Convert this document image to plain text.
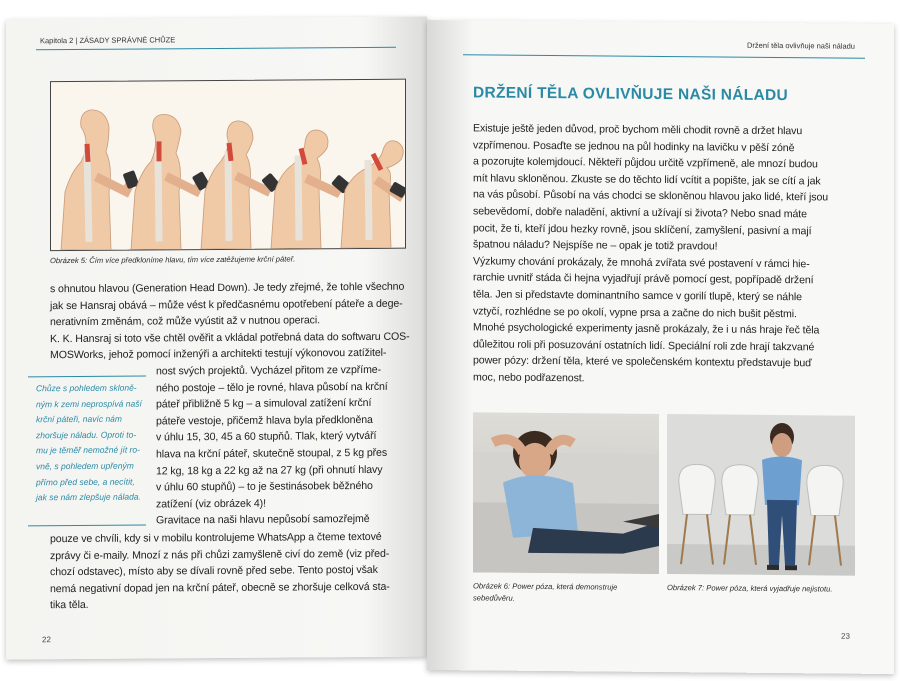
Kapitola 2 | ZÁSADY SPRÁVNÉ CHŮZE
Obrázek 5: Čím více předkloníme hlavu, tím více zatěžujeme krční páteř.
s ohnutou hlavou (Generation Head Down). Je tedy zřejmé, že tohle všechno
jak se Hansraj obává – může vést k předčasnému opotřebení páteře a dege-
nerativním změnám, což může vyústit až v nutnou operaci.
K. K. Hansraj si toto vše chtěl ověřit a vkládal potřebná data do softwaru COS-
MOSWorks, jehož pomocí inženýři a architekti testují výkonovou zatížitel-
Chůze s pohledem skloně-
ným k zemi neprospívá naší
krční páteři, navíc nám
zhoršuje náladu. Oproti to-
mu je těmĕř nemožné jít ro-
vně, s pohledem upřeným
přímo před sebe, a necítit,
jak se nám zlepšuje nálada.
nost svých projektů. Vycházel přitom ze vzpříme-
ného postoje – tělo je rovné, hlava působí na krční
páteř přibližně 5 kg – a simuloval zatížení krční
páteře vestoje, přičemž hlava byla předkloněna
v úhlu 15, 30, 45 a 60 stupňů. Tlak, který vytváří
hlava na krční páteř, skutečně stoupal, z 5 kg přes
12 kg, 18 kg a 22 kg až na 27 kg (při ohnutí hlavy
v úhlu 60 stupňů) – to je šestinásobek běžného
zatížení (viz obrázek 4)!
Gravitace na naši hlavu nepůsobí samozřejmě
pouze ve chvíli, kdy si v mobilu kontrolujeme WhatsApp a čteme textové
zprávy či e-maily. Mnozí z nás při chůzi zamyšleně civí do země (viz před-
chozí odstavec), místo aby se dívali rovně před sebe. Tento postoj však
nemá negativní dopad jen na krční páteř, obecně se zhoršuje celková sta-
tika těla.
22
Držení těla ovlivňuje naši náladu
DRŽENÍ TĚLA OVLIVŇUJE NAŠI NÁLADU
Existuje ještě jeden důvod, proč bychom měli chodit rovně a držet hlavu
vzpřímenou. Posaďte se jednou na půl hodinky na lavičku v pěší zóně
a pozorujte kolemjdoucí. Někteří půjdou určitě vzpřímeně, ale mnozí budou
mít hlavu skloněnou. Zkuste se do těchto lidí vcítit a popište, jak se cítí a jak
na vás působí. Působí na vás chodci se skloněnou hlavou jako lidé, kteří jsou
sebevědomí, dobře naladění, aktivní a užívají si života? Nebo snad máte
pocit, že ti, kteří jdou hezky rovně, jsou sklíčení, zamyšlení, pasivní a mají
špatnou náladu? Nejspíše ne – opak je totiž pravdou!
Výzkumy chování prokázaly, že mnohá zvířata své postavení v rámci hie-
rarchie uvnitř stáda či hejna vyjadřují právě pomocí gest, popřípadě držení
těla. Jen si představte dominantního samce v gorilí tlupě, který se náhle
vztyčí, rozhlédne se po okolí, vypne prsa a začne do nich bušit pěstmi.
Mnohé psychologické experimenty jasně prokázaly, že i u nás hraje řeč těla
důležitou roli při posuzování ostatních lidí. Speciální roli zde hrají takzvané
power pózy: držení těla, které ve společenském kontextu představuje buď
moc, nebo podřazenost.
Obrázek 6: Power póza, která demonstruje sebedůvěru.
Obrázek 7: Power póza, která vyjadřuje nejistotu.
23
